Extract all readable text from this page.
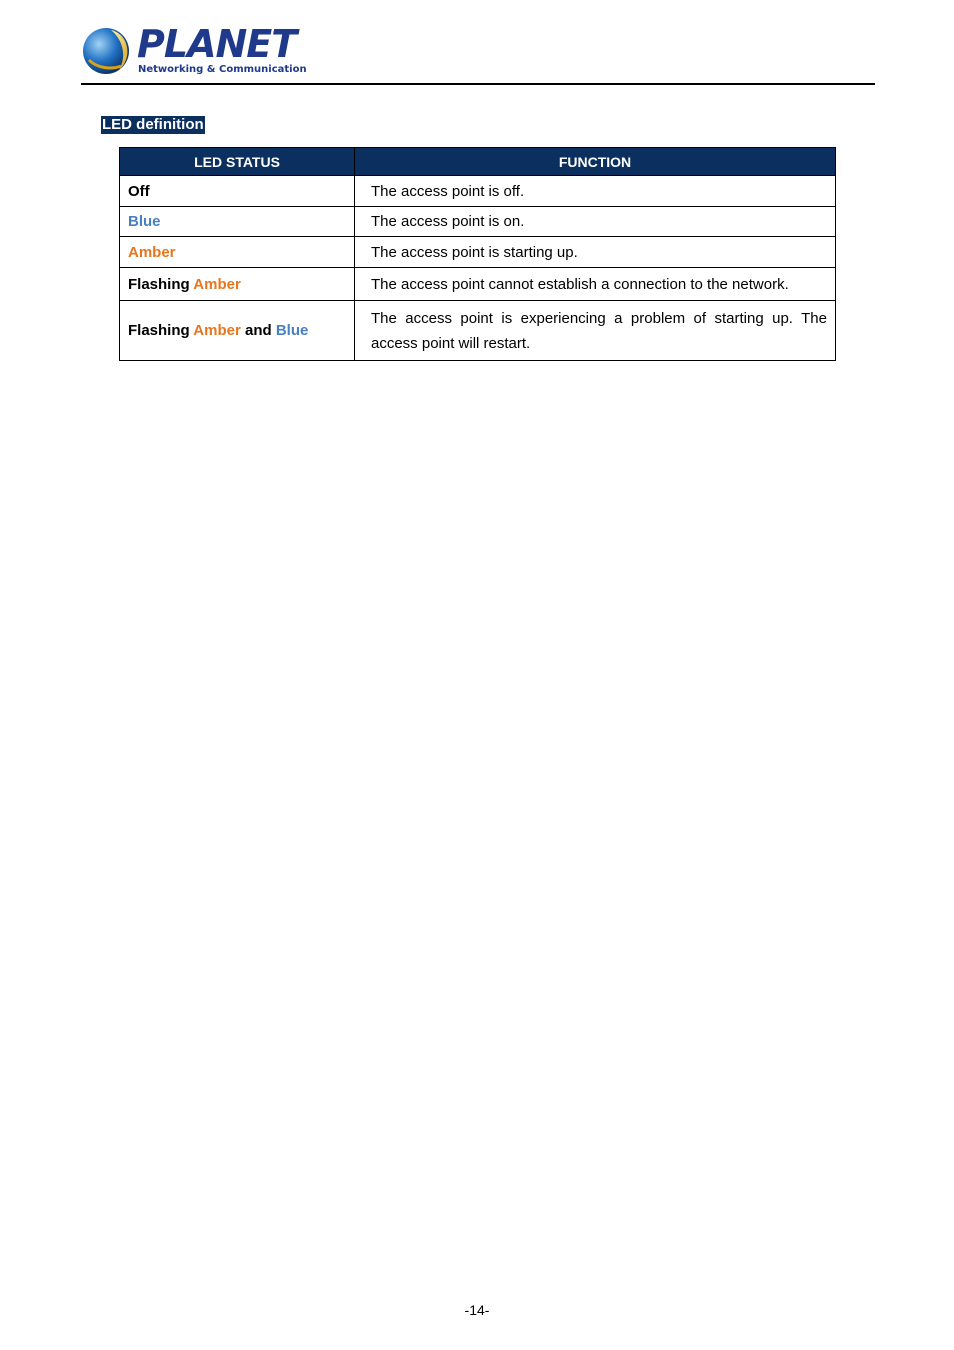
PLANET
Networking & Communication
LED definition
LED STATUS	FUNCTION
Off	The access point is off.
Blue	The access point is on.
Amber	The access point is starting up.
Flashing Amber	The access point cannot establish a connection to the network.
Flashing Amber and Blue	The access point is experiencing a problem of starting up. The access point will restart.
-14-
